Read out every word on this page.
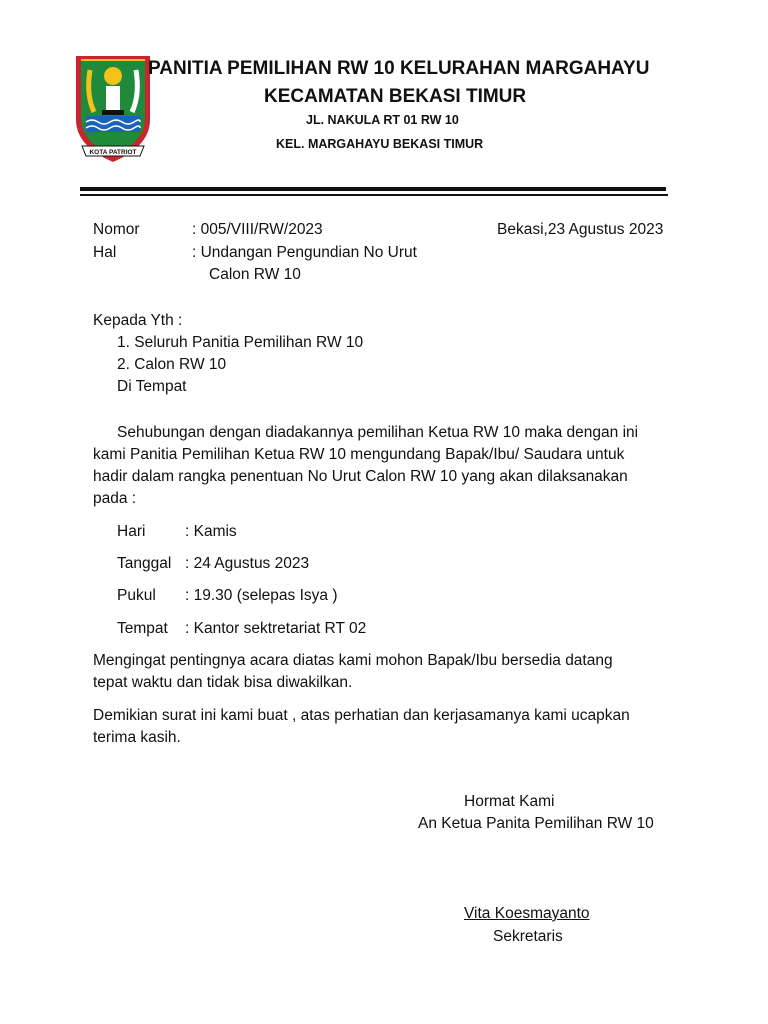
KOTA PATRIOT
PANITIA PEMILIHAN RW 10 KELURAHAN MARGAHAYU
KECAMATAN BEKASI TIMUR
JL. NAKULA RT 01 RW 10
KEL. MARGAHAYU BEKASI TIMUR
Nomor	: 005/VIII/RW/2023	Bekasi,23 Agustus 2023
Hal	: Undangan Pengundian No Urut
Calon RW 10
Kepada Yth :
1. Seluruh Panitia Pemilihan RW 10
2. Calon RW 10
Di Tempat
Sehubungan dengan diadakannya pemilihan Ketua RW 10 maka dengan ini
kami Panitia Pemilihan Ketua RW 10 mengundang Bapak/Ibu/ Saudara untuk
hadir dalam rangka penentuan No Urut Calon RW 10 yang akan dilaksanakan
pada :
Hari	: Kamis
Tanggal : 24 Agustus 2023
Pukul : 19.30 (selepas Isya )
Tempat : Kantor sektretariat RT 02
Mengingat pentingnya acara diatas kami mohon Bapak/Ibu bersedia datang
tepat waktu dan tidak bisa diwakilkan.
Demikian surat ini kami buat , atas perhatian dan kerjasamanya kami ucapkan
terima kasih.
Hormat Kami
An Ketua Panita Pemilihan RW 10
Vita Koesmayanto
Sekretaris
